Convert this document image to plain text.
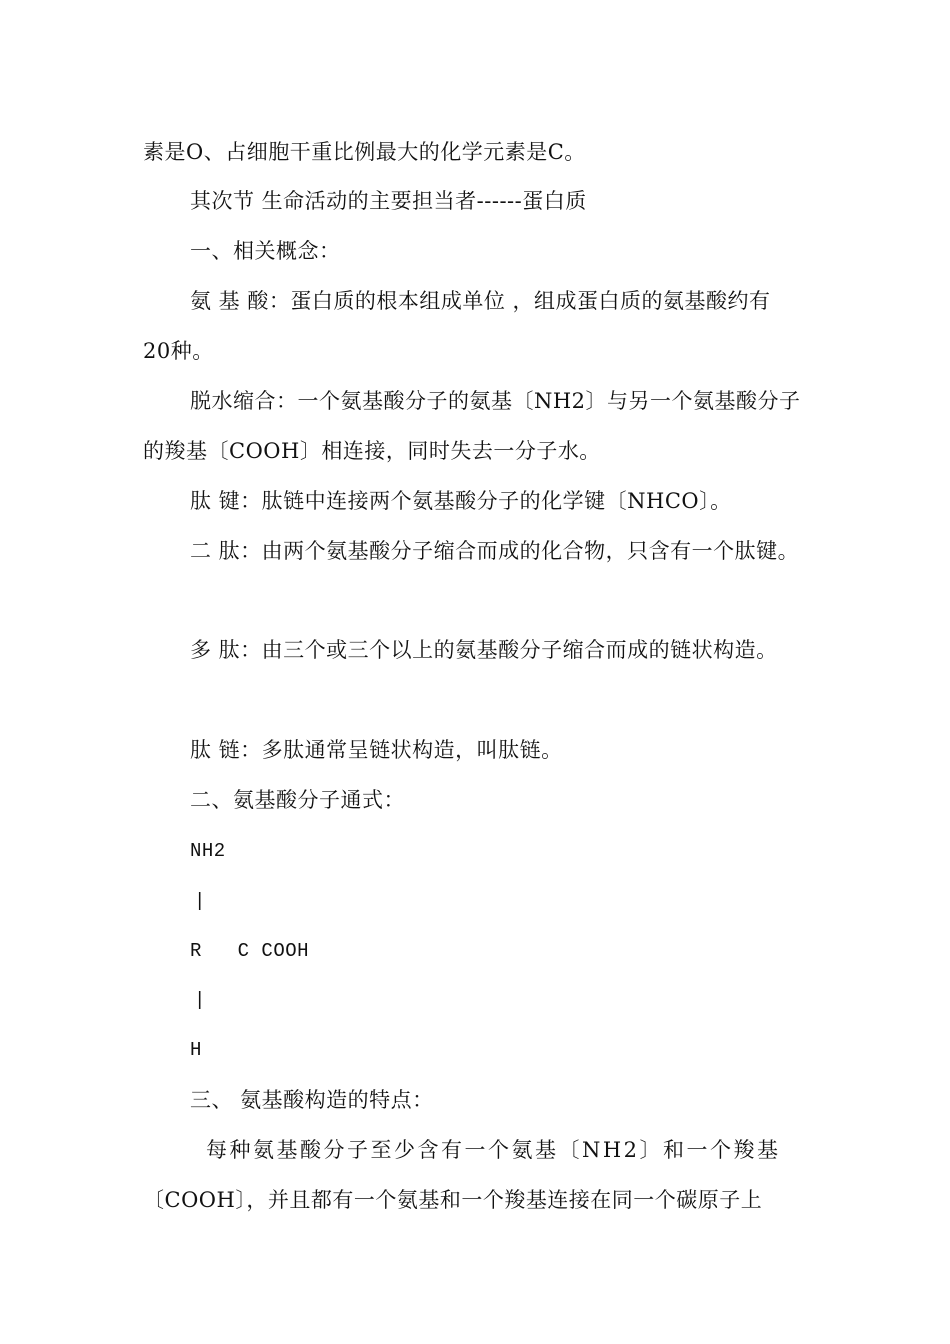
素是O、占细胞干重比例最大的化学元素是C。
其次节 生命活动的主要担当者------蛋白质
一、相关概念：
氨 基 酸：蛋白质的根本组成单位 ，组成蛋白质的氨基酸约有
20种。
脱水缩合：一个氨基酸分子的氨基〔NH2〕与另一个氨基酸分子
的羧基〔COOH〕相连接，同时失去一分子水。
肽 键：肽链中连接两个氨基酸分子的化学键〔NHCO〕。
二 肽：由两个氨基酸分子缩合而成的化合物，只含有一个肽键。
多 肽：由三个或三个以上的氨基酸分子缩合而成的链状构造。
肽 链：多肽通常呈链状构造，叫肽链。
二、氨基酸分子通式：
NH2
|
R   C COOH
|
H
三、 氨基酸构造的特点：
每种氨基酸分子至少含有一个氨基〔NH2〕和一个羧基
〔COOH〕，并且都有一个氨基和一个羧基连接在同一个碳原子上
